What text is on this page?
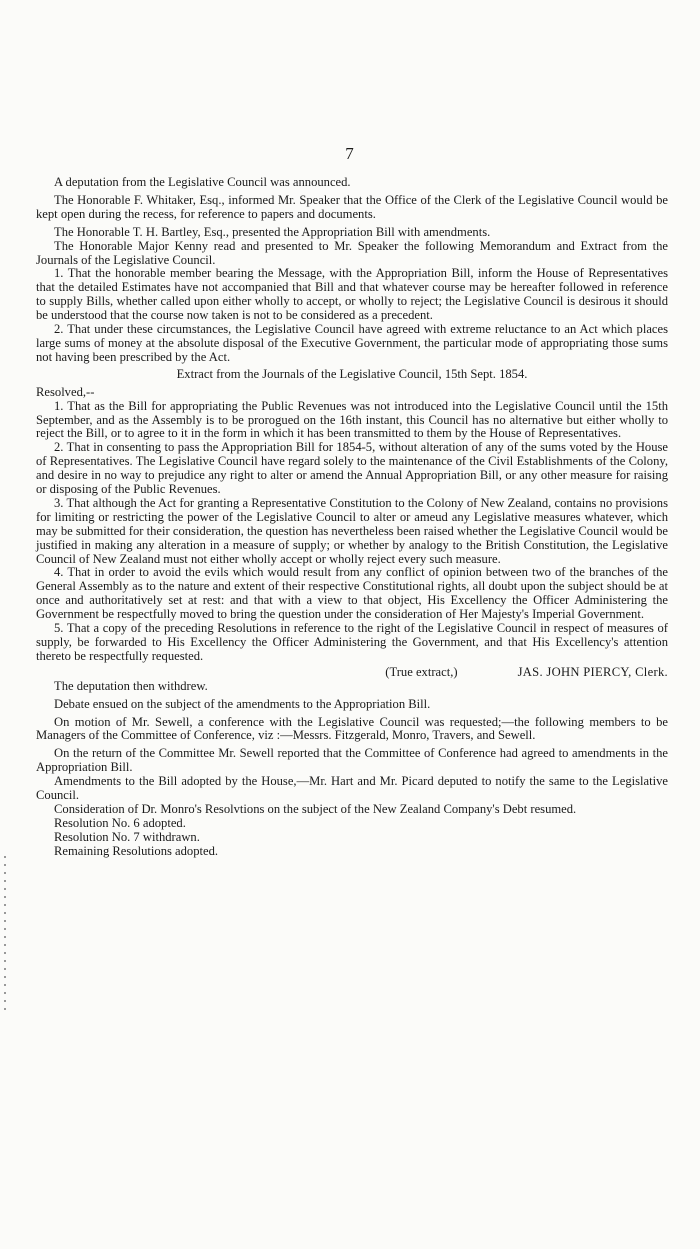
7

A deputation from the Legislative Council was announced.

The Honorable F. Whitaker, Esq., informed Mr. Speaker that the Office of the Clerk of the Legislative Council would be kept open during the recess, for reference to papers and documents.

The Honorable T. H. Bartley, Esq., presented the Appropriation Bill with amendments.

The Honorable Major Kenny read and presented to Mr. Speaker the following Memorandum and Extract from the Journals of the Legislative Council.

1. That the honorable member bearing the Message, with the Appropriation Bill, inform the House of Representatives that the detailed Estimates have not accompanied that Bill and that whatever course may be hereafter followed in reference to supply Bills, whether called upon either wholly to accept, or wholly to reject; the Legislative Council is desirous it should be understood that the course now taken is not to be considered as a precedent.

2. That under these circumstances, the Legislative Council have agreed with extreme reluctance to an Act which places large sums of money at the absolute disposal of the Executive Government, the particular mode of appropriating those sums not having been prescribed by the Act.

Extract from the Journals of the Legislative Council, 15th Sept. 1854.

Resolved,--

1. That as the Bill for appropriating the Public Revenues was not introduced into the Legislative Council until the 15th September, and as the Assembly is to be prorogued on the 16th instant, this Council has no alternative but either wholly to reject the Bill, or to agree to it in the form in which it has been transmitted to them by the House of Representatives.

2. That in consenting to pass the Appropriation Bill for 1854-5, without alteration of any of the sums voted by the House of Representatives. The Legislative Council have regard solely to the maintenance of the Civil Establishments of the Colony, and desire in no way to prejudice any right to alter or amend the Annual Appropriation Bill, or any other measure for raising or disposing of the Public Revenues.

3. That although the Act for granting a Representative Constitution to the Colony of New Zealand, contains no provisions for limiting or restricting the power of the Legislative Council to alter or ameud any Legislative measures whatever, which may be submitted for their consideration, the question has nevertheless been raised whether the Legislative Council would be justified in making any alteration in a measure of supply; or whether by analogy to the British Constitution, the Legislative Council of New Zealand must not either wholly accept or wholly reject every such measure.

4. That in order to avoid the evils which would result from any conflict of opinion between two of the branches of the General Assembly as to the nature and extent of their respective Constitutional rights, all doubt upon the subject should be at once and authoritatively set at rest: and that with a view to that object, His Excellency the Officer Administering the Government be respectfully moved to bring the question under the consideration of Her Majesty's Imperial Government.

5. That a copy of the preceding Resolutions in reference to the right of the Legislative Council in respect of measures of supply, be forwarded to His Excellency the Officer Administering the Government, and that His Excellency's attention thereto be respectfully requested.

(True extract,)	JAS. JOHN PIERCY, Clerk.

The deputation then withdrew.

Debate ensued on the subject of the amendments to the Appropriation Bill.

On motion of Mr. Sewell, a conference with the Legislative Council was requested;—the following members to be Managers of the Committee of Conference, viz :—Messrs. Fitzgerald, Monro, Travers, and Sewell.

On the return of the Committee Mr. Sewell reported that the Committee of Conference had agreed to amendments in the Appropriation Bill.

Amendments to the Bill adopted by the House,—Mr. Hart and Mr. Picard deputed to notify the same to the Legislative Council.

Consideration of Dr. Monro's Resolvtions on the subject of the New Zealand Company's Debt resumed.

Resolution No. 6 adopted.

Resolution No. 7 withdrawn.

Remaining Resolutions adopted.
